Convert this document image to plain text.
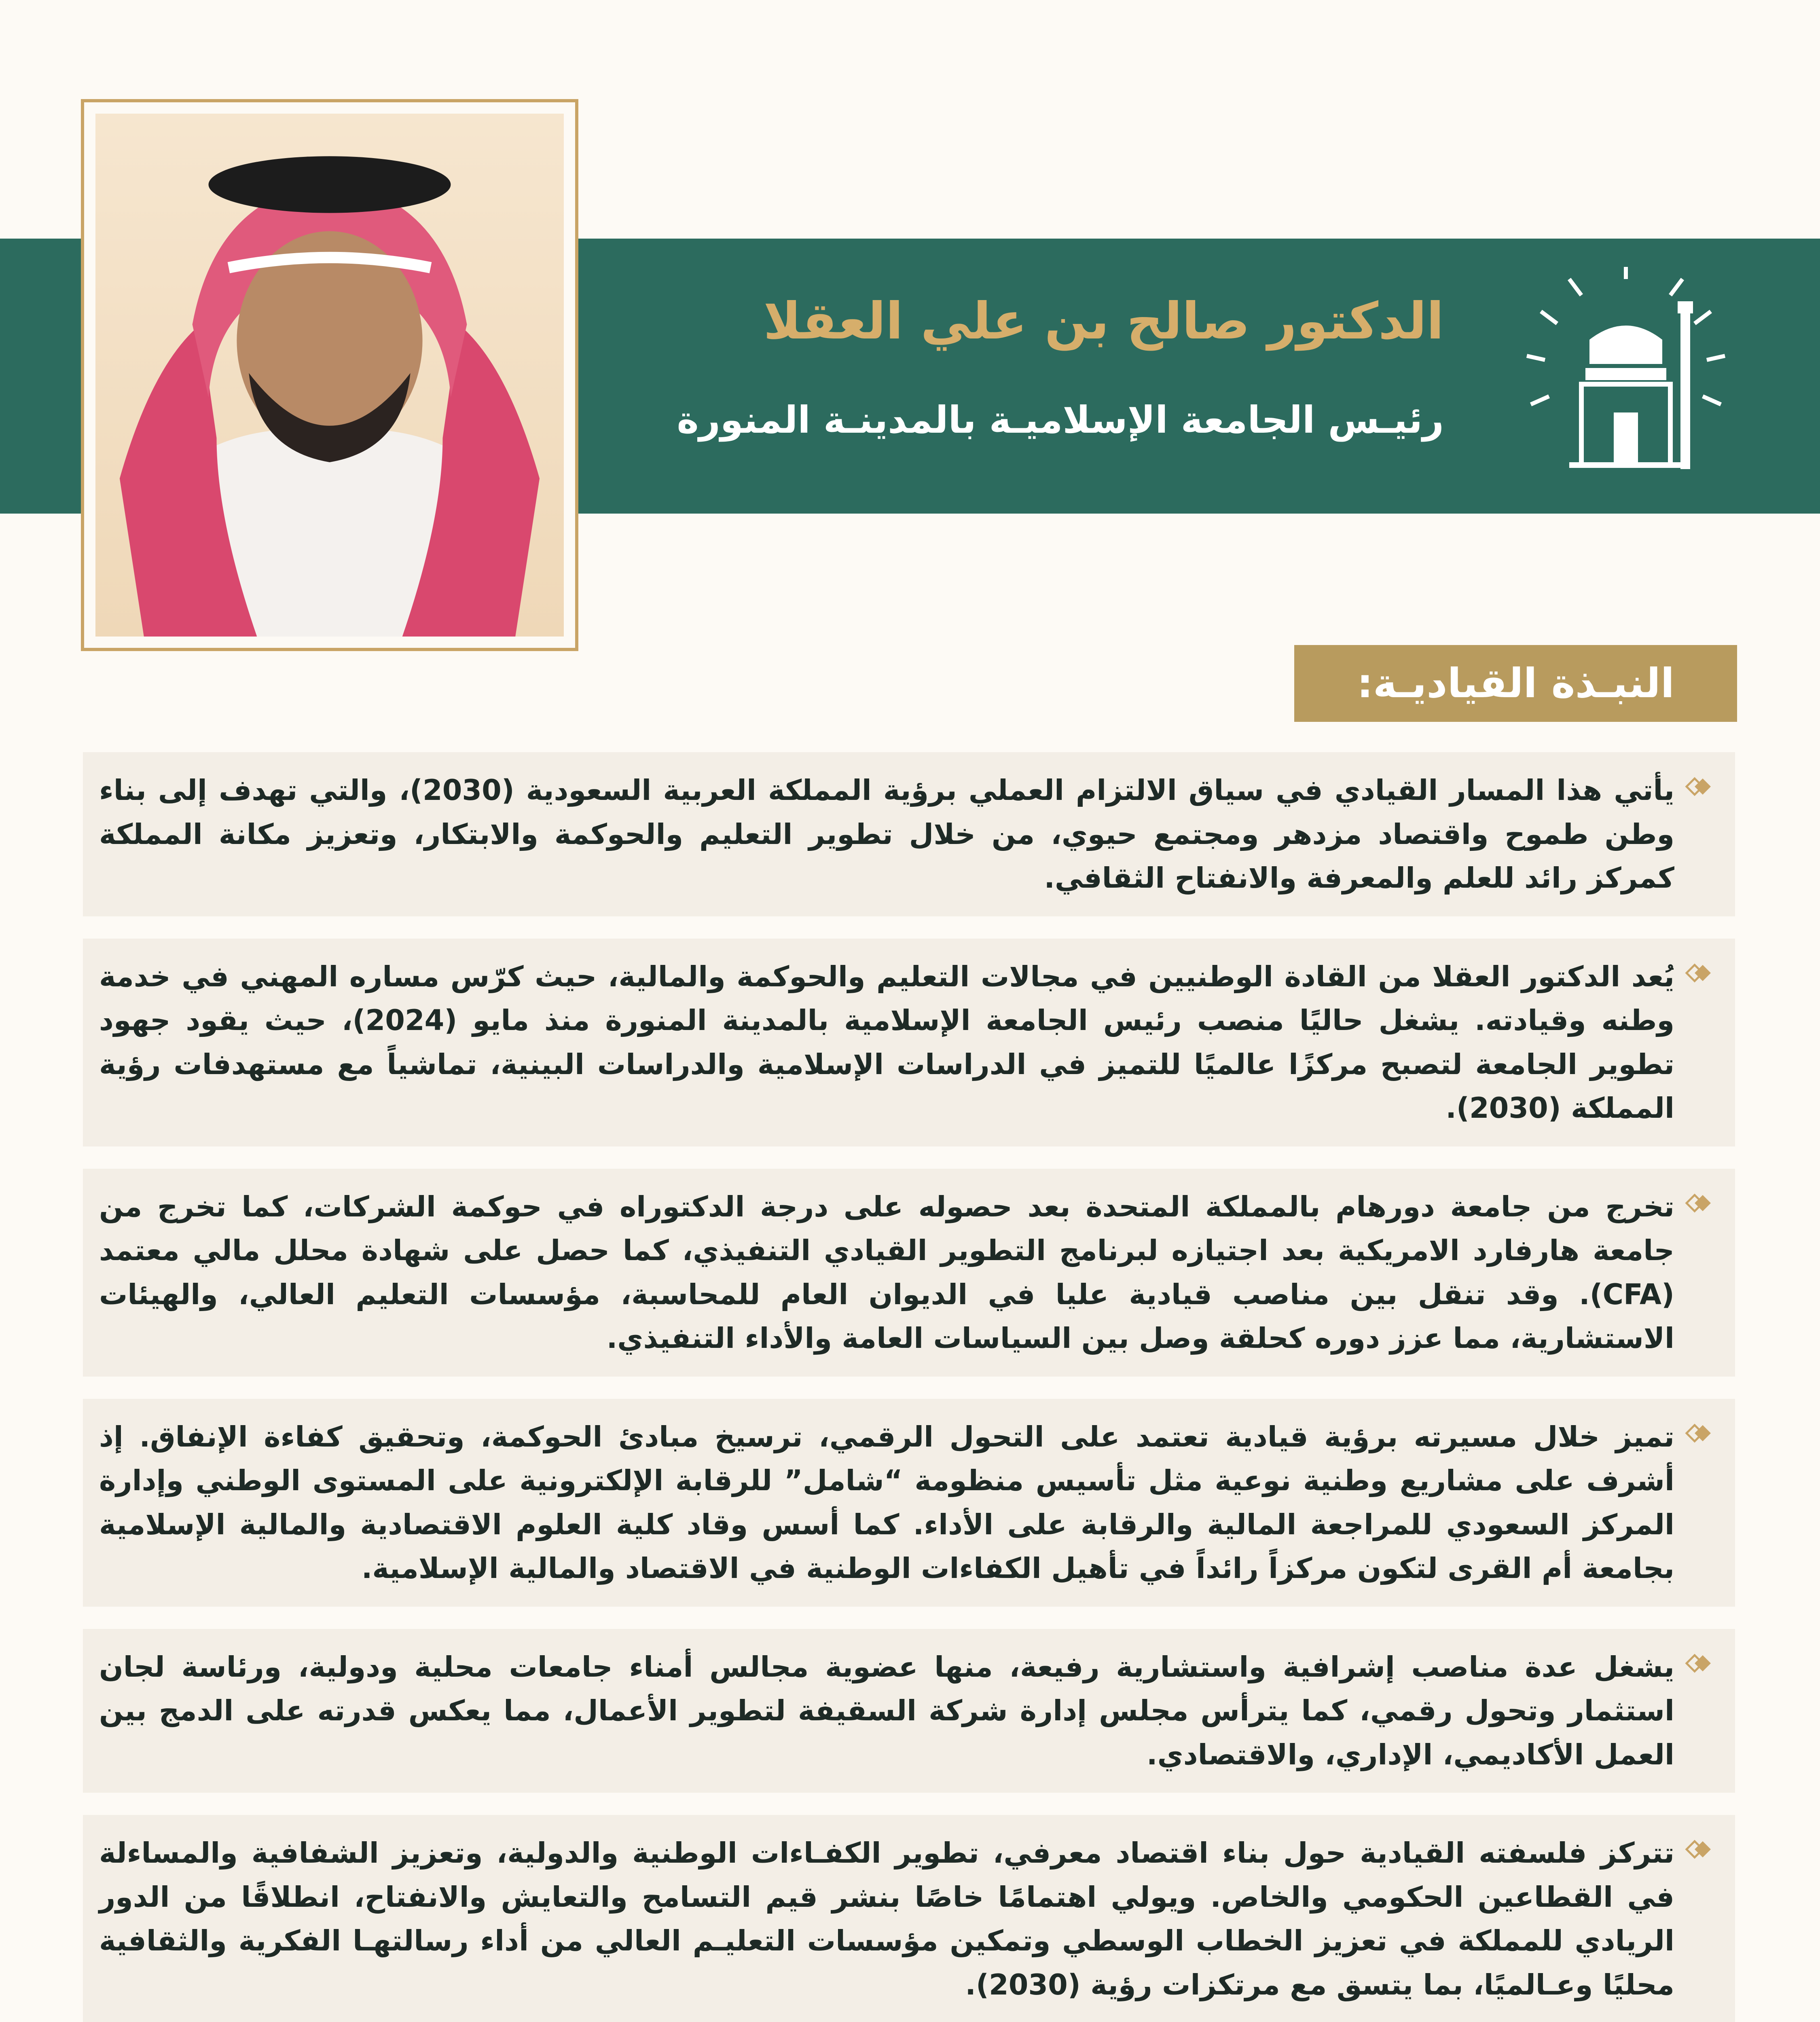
الدكتور صالح بن علي العقلا
رئيـس الجامعة الإسلاميـة بالمدينـة المنورة
النبـذة القياديـة:
يأتي هذا المسار القيادي في سياق الالتزام العملي برؤية المملكة العربية السعودية (2030)، والتي تهدف إلى بناء وطن طموح واقتصاد مزدهر ومجتمع حيوي، من خلال تطوير التعليم والحوكمة والابتكار، وتعزيز مكانة المملكة كمركز رائد للعلم والمعرفة والانفتاح الثقافي.
يُعد الدكتور العقلا من القادة الوطنيين في مجالات التعليم والحوكمة والمالية، حيث كرّس مساره المهني في خدمة وطنه وقيادته. يشغل حاليًا منصب رئيس الجامعة الإسلامية بالمدينة المنورة منذ مايو (2024)، حيث يقود جهود تطوير الجامعة لتصبح مركزًا عالميًا للتميز في الدراسات الإسلامية والدراسات البينية، تماشياً مع مستهدفات رؤية المملكة (2030).
تخرج من جامعة دورهام بالمملكة المتحدة بعد حصوله على درجة الدكتوراه في حوكمة الشركات، كما تخرج من جامعة هارفارد الامريكية بعد اجتيازه لبرنامج التطوير القيادي التنفيذي، كما حصل على شهادة محلل مالي معتمد (CFA). وقد تنقل بين مناصب قيادية عليا في الديوان العام للمحاسبة، مؤسسات التعليم العالي، والهيئات الاستشارية، مما عزز دوره كحلقة وصل بين السياسات العامة والأداء التنفيذي.
تميز خلال مسيرته برؤية قيادية تعتمد على التحول الرقمي، ترسيخ مبادئ الحوكمة، وتحقيق كفاءة الإنفاق. إذ أشرف على مشاريع وطنية نوعية مثل تأسيس منظومة “شامل” للرقابة الإلكترونية على المستوى الوطني وإدارة المركز السعودي للمراجعة المالية والرقابة على الأداء. كما أسس وقاد كلية العلوم الاقتصادية والمالية الإسلامية بجامعة أم القرى لتكون مركزاً رائداً في تأهيل الكفاءات الوطنية في الاقتصاد والمالية الإسلامية.
يشغل عدة مناصب إشرافية واستشارية رفيعة، منها عضوية مجالس أمناء جامعات محلية ودولية، ورئاسة لجان استثمار وتحول رقمي، كما يترأس مجلس إدارة شركة السقيفة لتطوير الأعمال، مما يعكس قدرته على الدمج بين العمل الأكاديمي، الإداري، والاقتصادي.
تتركز فلسفته القيادية حول بناء اقتصاد معرفي، تطوير الكفـاءات الوطنية والدولية، وتعزيز الشفافية والمساءلة في القطاعين الحكومي والخاص. ويولي اهتمامًا خاصًا بنشر قيم التسامح والتعايش والانفتاح، انطلاقًا من الدور الريادي للمملكة في تعزيز الخطاب الوسطي وتمكين مؤسسات التعليـم العالي من أداء رسالتهـا الفكرية والثقافية محليًا وعـالميًا، بما يتسق مع مرتكزات رؤية (2030).
